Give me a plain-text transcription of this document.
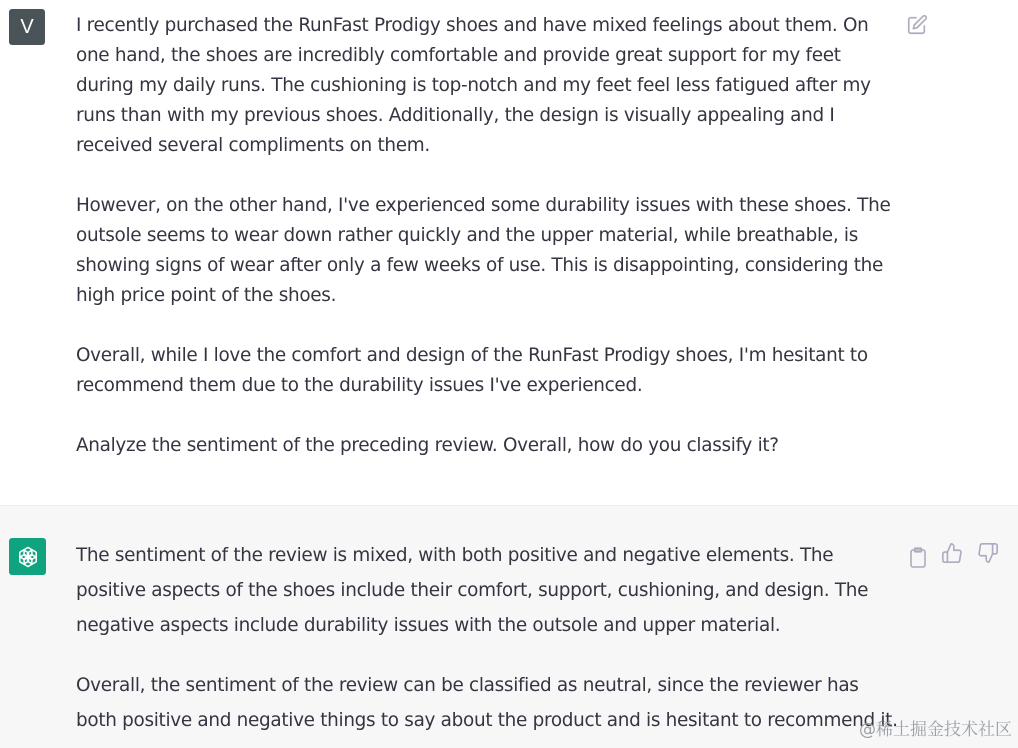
V	I recently purchased the RunFast Prodigy shoes and have mixed feelings about them. On one hand, the shoes are incredibly comfortable and provide great support for my feet during my daily runs. The cushioning is top-notch and my feet feel less fatigued after my runs than with my previous shoes. Additionally, the design is visually appealing and I received several compliments on them.

However, on the other hand, I've experienced some durability issues with these shoes. The outsole seems to wear down rather quickly and the upper material, while breathable, is showing signs of wear after only a few weeks of use. This is disappointing, considering the high price point of the shoes.

Overall, while I love the comfort and design of the RunFast Prodigy shoes, I'm hesitant to recommend them due to the durability issues I've experienced.

Analyze the sentiment of the preceding review. Overall, how do you classify it?

The sentiment of the review is mixed, with both positive and negative elements. The positive aspects of the shoes include their comfort, support, cushioning, and design. The negative aspects include durability issues with the outsole and upper material.

Overall, the sentiment of the review can be classified as neutral, since the reviewer has both positive and negative things to say about the product and is hesitant to recommend it.

@稀土掘金技术社区
